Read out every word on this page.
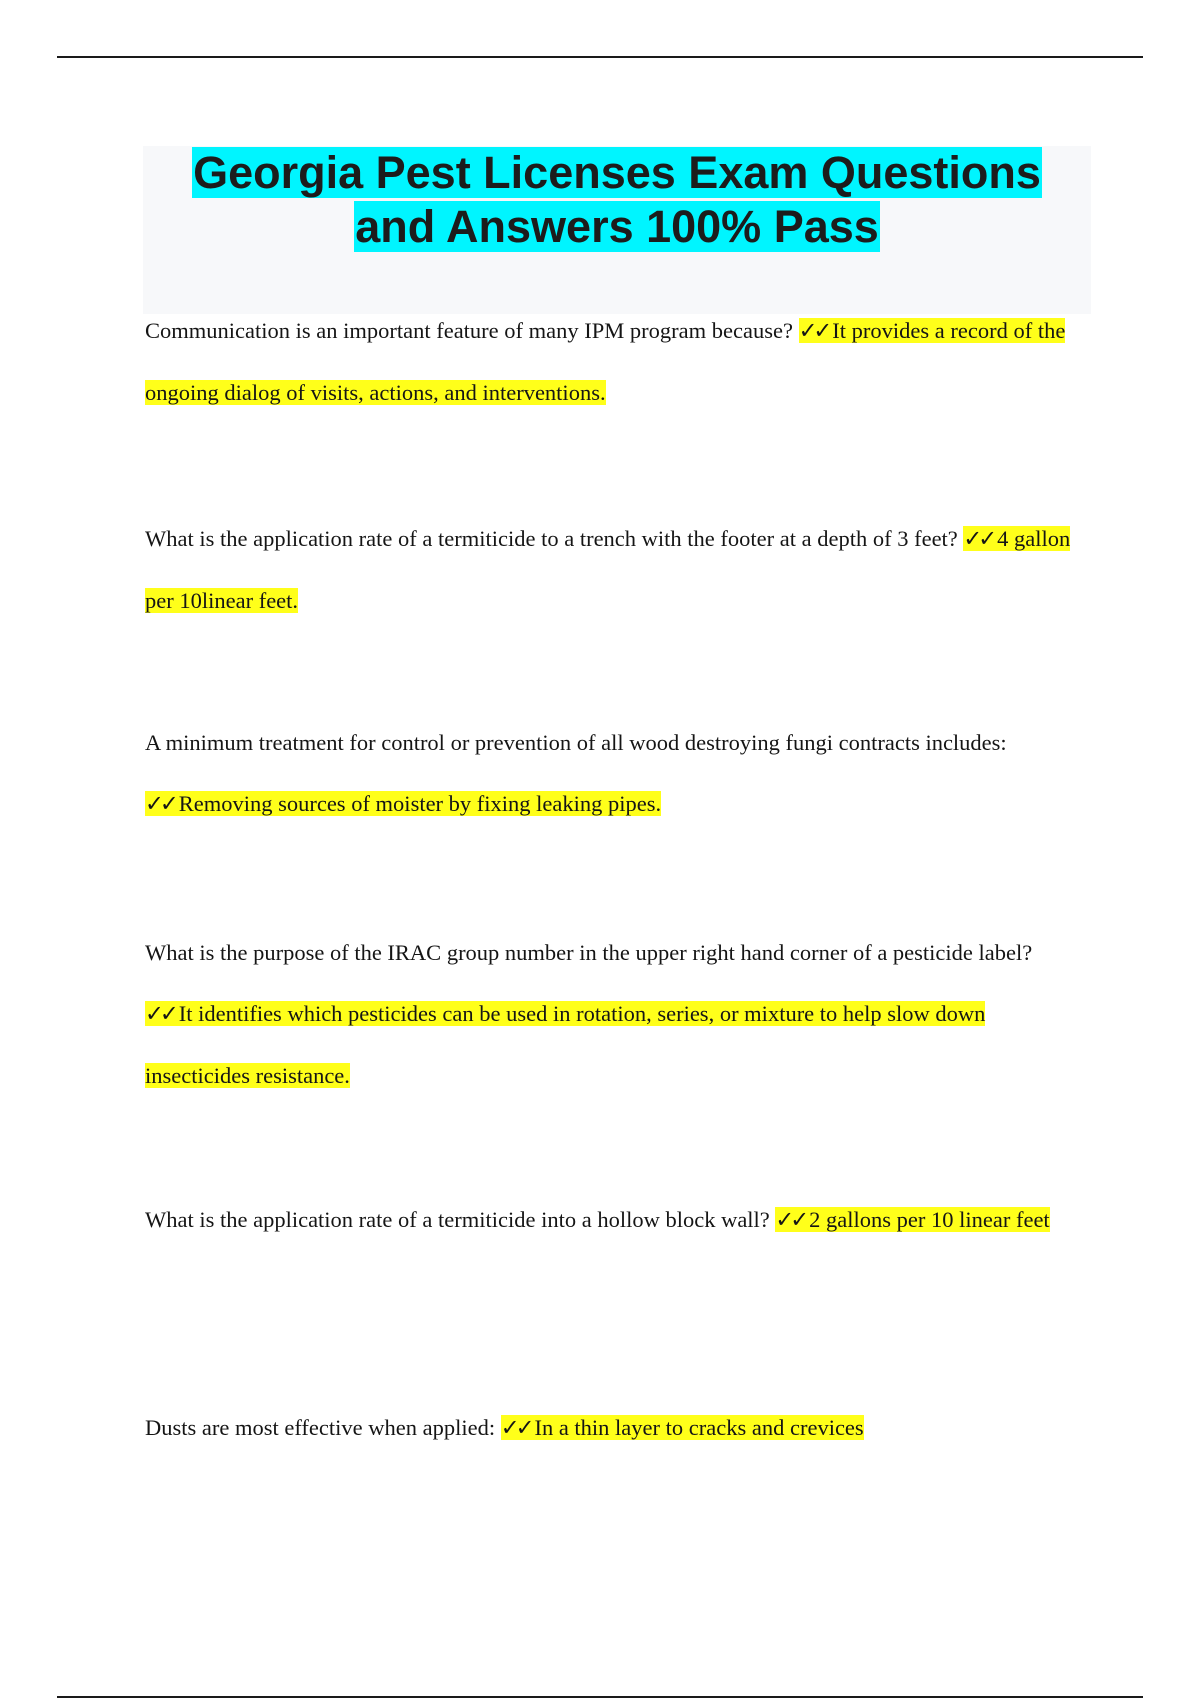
Georgia Pest Licenses Exam Questions
and Answers 100% Pass

Communication is an important feature of many IPM program because? ✓✓ It provides a record of the ongoing dialog of visits, actions, and interventions.

What is the application rate of a termiticide to a trench with the footer at a depth of 3 feet? ✓✓ 4 gallon per 10linear feet.

A minimum treatment for control or prevention of all wood destroying fungi contracts includes: ✓✓ Removing sources of moister by fixing leaking pipes.

What is the purpose of the IRAC group number in the upper right hand corner of a pesticide label? ✓✓ It identifies which pesticides can be used in rotation, series, or mixture to help slow down insecticides resistance.

What is the application rate of a termiticide into a hollow block wall? ✓✓ 2 gallons per 10 linear feet

Dusts are most effective when applied: ✓✓ In a thin layer to cracks and crevices
